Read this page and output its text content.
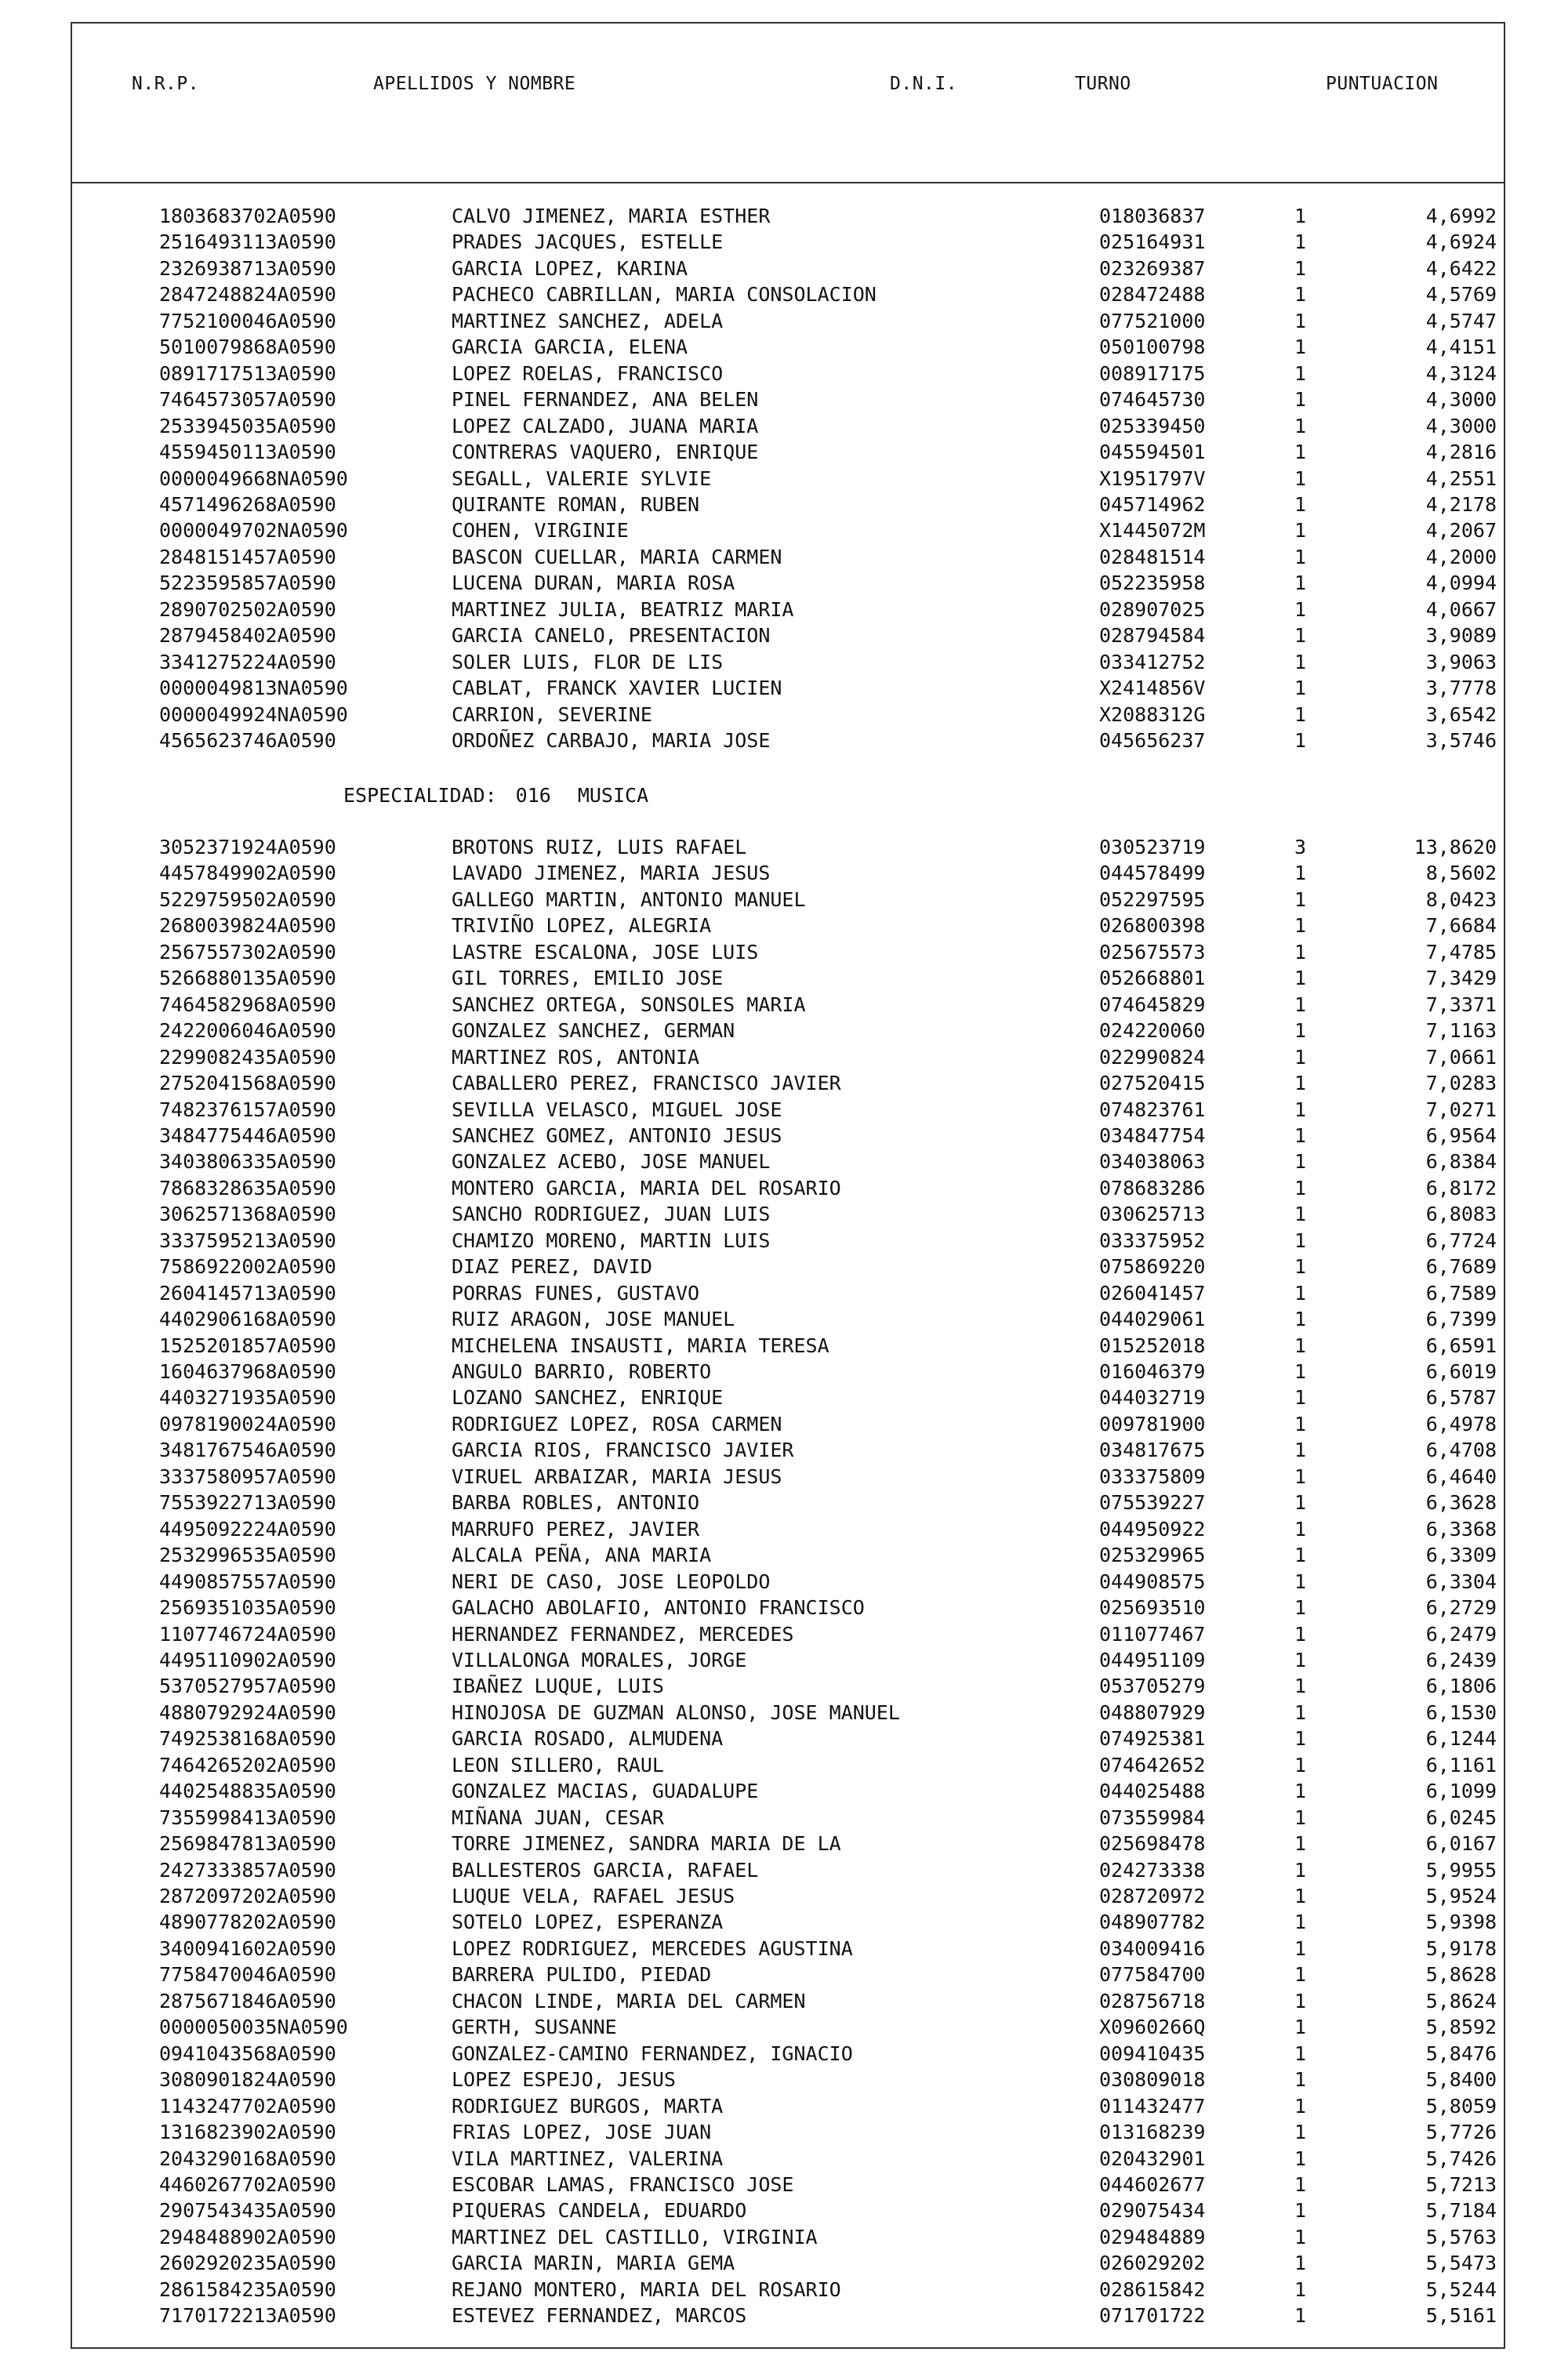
N.R.P.	APELLIDOS Y NOMBRE	D.N.I.	TURNO	PUNTUACION
1803683702A0590	CALVO JIMENEZ, MARIA ESTHER	018036837	1	4,6992
2516493113A0590	PRADES JACQUES, ESTELLE	025164931	1	4,6924
2326938713A0590	GARCIA LOPEZ, KARINA	023269387	1	4,6422
2847248824A0590	PACHECO CABRILLAN, MARIA CONSOLACION	028472488	1	4,5769
7752100046A0590	MARTINEZ SANCHEZ, ADELA	077521000	1	4,5747
5010079868A0590	GARCIA GARCIA, ELENA	050100798	1	4,4151
0891717513A0590	LOPEZ ROELAS, FRANCISCO	008917175	1	4,3124
7464573057A0590	PINEL FERNANDEZ, ANA BELEN	074645730	1	4,3000
2533945035A0590	LOPEZ CALZADO, JUANA MARIA	025339450	1	4,3000
4559450113A0590	CONTRERAS VAQUERO, ENRIQUE	045594501	1	4,2816
0000049668NA0590	SEGALL, VALERIE SYLVIE	X1951797V	1	4,2551
4571496268A0590	QUIRANTE ROMAN, RUBEN	045714962	1	4,2178
0000049702NA0590	COHEN, VIRGINIE	X1445072M	1	4,2067
2848151457A0590	BASCON CUELLAR, MARIA CARMEN	028481514	1	4,2000
5223595857A0590	LUCENA DURAN, MARIA ROSA	052235958	1	4,0994
2890702502A0590	MARTINEZ JULIA, BEATRIZ MARIA	028907025	1	4,0667
2879458402A0590	GARCIA CANELO, PRESENTACION	028794584	1	3,9089
3341275224A0590	SOLER LUIS, FLOR DE LIS	033412752	1	3,9063
0000049813NA0590	CABLAT, FRANCK XAVIER LUCIEN	X2414856V	1	3,7778
0000049924NA0590	CARRION, SEVERINE	X2088312G	1	3,6542
4565623746A0590	ORDOÑEZ CARBAJO, MARIA JOSE	045656237	1	3,5746
ESPECIALIDAD: 016 MUSICA
3052371924A0590	BROTONS RUIZ, LUIS RAFAEL	030523719	3	13,8620
4457849902A0590	LAVADO JIMENEZ, MARIA JESUS	044578499	1	8,5602
5229759502A0590	GALLEGO MARTIN, ANTONIO MANUEL	052297595	1	8,0423
2680039824A0590	TRIVIÑO LOPEZ, ALEGRIA	026800398	1	7,6684
2567557302A0590	LASTRE ESCALONA, JOSE LUIS	025675573	1	7,4785
5266880135A0590	GIL TORRES, EMILIO JOSE	052668801	1	7,3429
7464582968A0590	SANCHEZ ORTEGA, SONSOLES MARIA	074645829	1	7,3371
2422006046A0590	GONZALEZ SANCHEZ, GERMAN	024220060	1	7,1163
2299082435A0590	MARTINEZ ROS, ANTONIA	022990824	1	7,0661
2752041568A0590	CABALLERO PEREZ, FRANCISCO JAVIER	027520415	1	7,0283
7482376157A0590	SEVILLA VELASCO, MIGUEL JOSE	074823761	1	7,0271
3484775446A0590	SANCHEZ GOMEZ, ANTONIO JESUS	034847754	1	6,9564
3403806335A0590	GONZALEZ ACEBO, JOSE MANUEL	034038063	1	6,8384
7868328635A0590	MONTERO GARCIA, MARIA DEL ROSARIO	078683286	1	6,8172
3062571368A0590	SANCHO RODRIGUEZ, JUAN LUIS	030625713	1	6,8083
3337595213A0590	CHAMIZO MORENO, MARTIN LUIS	033375952	1	6,7724
7586922002A0590	DIAZ PEREZ, DAVID	075869220	1	6,7689
2604145713A0590	PORRAS FUNES, GUSTAVO	026041457	1	6,7589
4402906168A0590	RUIZ ARAGON, JOSE MANUEL	044029061	1	6,7399
1525201857A0590	MICHELENA INSAUSTI, MARIA TERESA	015252018	1	6,6591
1604637968A0590	ANGULO BARRIO, ROBERTO	016046379	1	6,6019
4403271935A0590	LOZANO SANCHEZ, ENRIQUE	044032719	1	6,5787
0978190024A0590	RODRIGUEZ LOPEZ, ROSA CARMEN	009781900	1	6,4978
3481767546A0590	GARCIA RIOS, FRANCISCO JAVIER	034817675	1	6,4708
3337580957A0590	VIRUEL ARBAIZAR, MARIA JESUS	033375809	1	6,4640
7553922713A0590	BARBA ROBLES, ANTONIO	075539227	1	6,3628
4495092224A0590	MARRUFO PEREZ, JAVIER	044950922	1	6,3368
2532996535A0590	ALCALA PEÑA, ANA MARIA	025329965	1	6,3309
4490857557A0590	NERI DE CASO, JOSE LEOPOLDO	044908575	1	6,3304
2569351035A0590	GALACHO ABOLAFIO, ANTONIO FRANCISCO	025693510	1	6,2729
1107746724A0590	HERNANDEZ FERNANDEZ, MERCEDES	011077467	1	6,2479
4495110902A0590	VILLALONGA MORALES, JORGE	044951109	1	6,2439
5370527957A0590	IBAÑEZ LUQUE, LUIS	053705279	1	6,1806
4880792924A0590	HINOJOSA DE GUZMAN ALONSO, JOSE MANUEL	048807929	1	6,1530
7492538168A0590	GARCIA ROSADO, ALMUDENA	074925381	1	6,1244
7464265202A0590	LEON SILLERO, RAUL	074642652	1	6,1161
4402548835A0590	GONZALEZ MACIAS, GUADALUPE	044025488	1	6,1099
7355998413A0590	MIÑANA JUAN, CESAR	073559984	1	6,0245
2569847813A0590	TORRE JIMENEZ, SANDRA MARIA DE LA	025698478	1	6,0167
2427333857A0590	BALLESTEROS GARCIA, RAFAEL	024273338	1	5,9955
2872097202A0590	LUQUE VELA, RAFAEL JESUS	028720972	1	5,9524
4890778202A0590	SOTELO LOPEZ, ESPERANZA	048907782	1	5,9398
3400941602A0590	LOPEZ RODRIGUEZ, MERCEDES AGUSTINA	034009416	1	5,9178
7758470046A0590	BARRERA PULIDO, PIEDAD	077584700	1	5,8628
2875671846A0590	CHACON LINDE, MARIA DEL CARMEN	028756718	1	5,8624
0000050035NA0590	GERTH, SUSANNE	X0960266Q	1	5,8592
0941043568A0590	GONZALEZ-CAMINO FERNANDEZ, IGNACIO	009410435	1	5,8476
3080901824A0590	LOPEZ ESPEJO, JESUS	030809018	1	5,8400
1143247702A0590	RODRIGUEZ BURGOS, MARTA	011432477	1	5,8059
1316823902A0590	FRIAS LOPEZ, JOSE JUAN	013168239	1	5,7726
2043290168A0590	VILA MARTINEZ, VALERINA	020432901	1	5,7426
4460267702A0590	ESCOBAR LAMAS, FRANCISCO JOSE	044602677	1	5,7213
2907543435A0590	PIQUERAS CANDELA, EDUARDO	029075434	1	5,7184
2948488902A0590	MARTINEZ DEL CASTILLO, VIRGINIA	029484889	1	5,5763
2602920235A0590	GARCIA MARIN, MARIA GEMA	026029202	1	5,5473
2861584235A0590	REJANO MONTERO, MARIA DEL ROSARIO	028615842	1	5,5244
7170172213A0590	ESTEVEZ FERNANDEZ, MARCOS	071701722	1	5,5161
